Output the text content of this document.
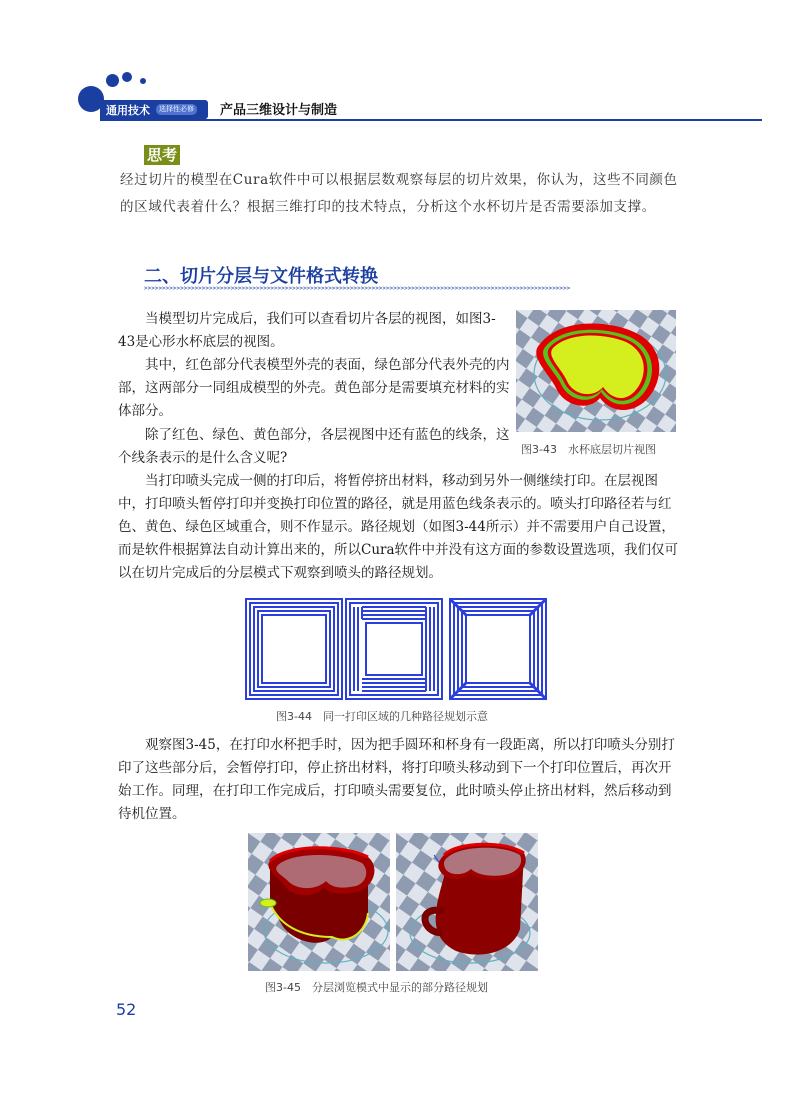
通用技术	选择性必修 产品三维设计与制造
思考
经过切片的模型在Cura软件中可以根据层数观察每层的切片效果，你认为，这些不同颜色的区域代表着什么？根据三维打印的技术特点，分析这个水杯切片是否需要添加支撑。
二、切片分层与文件格式转换
>>>>>>>>>>>>>>>>>>>>>>>>>>>>>>>>>>>>>>>>>>>>>>>>>>>>>>>>>>>>>>>>>>>>>>>>>>>>>>>>>>>>>>>>>>>>>>>>>>>>>>>>>>>>>>>>>>>>>>

当模型切片完成后，我们可以查看切片各层的视图，如图3-43是心形水杯底层的视图。

其中，红色部分代表模型外壳的表面，绿色部分代表外壳的内部，这两部分一同组成模型的外壳。黄色部分是需要填充材料的实体部分。

除了红色、绿色、黄色部分，各层视图中还有蓝色的线条，这个线条表示的是什么含义呢?

当打印喷头完成一侧的打印后，将暂停挤出材料，移动到另外一侧继续打印。在层视图中，打印喷头暂停打印并变换打印位置的路径，就是用蓝色线条表示的。喷头打印路径若与红色、黄色、绿色区域重合，则不作显示。路径规划（如图3-44所示）并不需要用户自己设置，而是软件根据算法自动计算出来的，所以Cura软件中并没有这方面的参数设置选项，我们仅可以在切片完成后的分层模式下观察到喷头的路径规划。

观察图3-45，在打印水杯把手时，因为把手圆环和杯身有一段距离，所以打印喷头分别打印了这些部分后，会暂停打印，停止挤出材料，将打印喷头移动到下一个打印位置后，再次开始工作。同理，在打印工作完成后，打印喷头需要复位，此时喷头停止挤出材料，然后移动到待机位置。

图3-43　水杯底层切片视图
图3-44　同一打印区域的几种路径规划示意
图3-45　分层浏览模式中显示的部分路径规划
52
